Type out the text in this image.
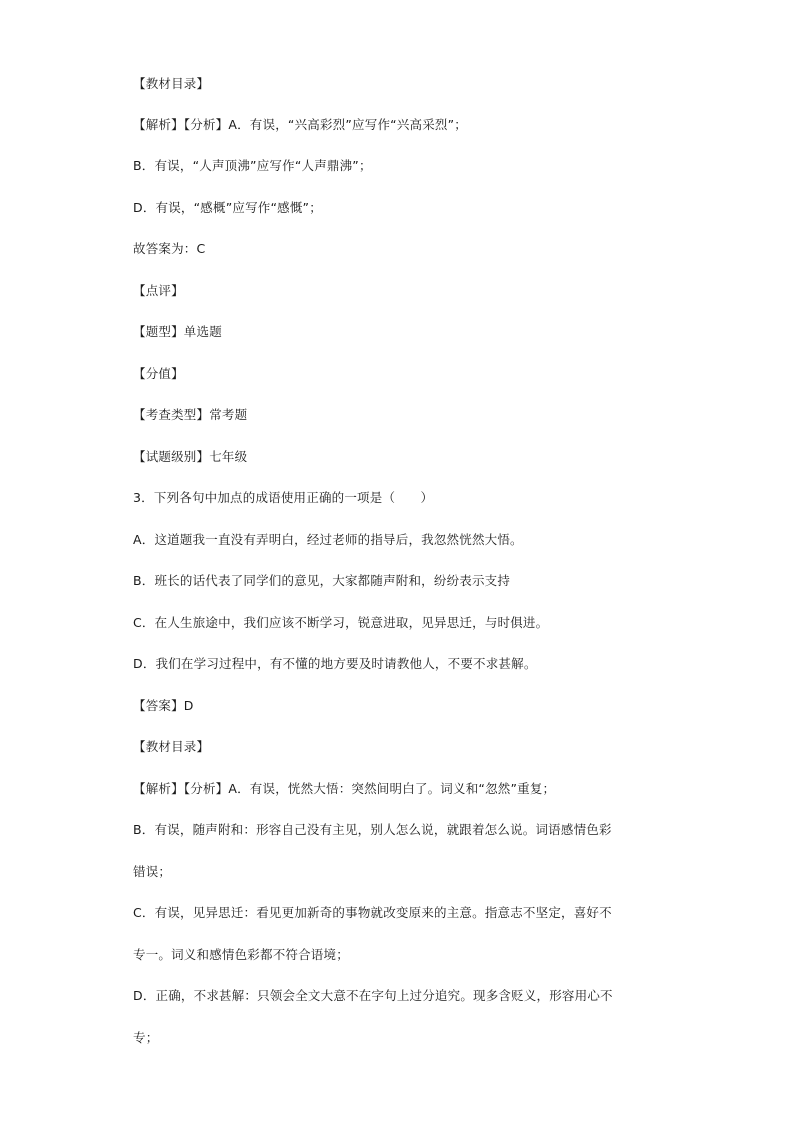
【教材目录】
【解析】【分析】A．有误，“兴高彩烈”应写作“兴高采烈”；
B．有误，“人声顶沸”应写作“人声鼎沸”；
D．有误，“感概”应写作“感慨”；
故答案为：C
【点评】
【题型】单选题
【分值】
【考查类型】常考题
【试题级别】七年级
3．下列各句中加点的成语使用正确的一项是（　　）
A．这道题我一直没有弄明白，经过老师的指导后，我忽然恍然大悟。
B．班长的话代表了同学们的意见，大家都随声附和，纷纷表示支持
C．在人生旅途中，我们应该不断学习，锐意进取，见异思迁，与时俱进。
D．我们在学习过程中，有不懂的地方要及时请教他人，不要不求甚解。
【答案】D
【教材目录】
【解析】【分析】A．有误，恍然大悟：突然间明白了。词义和“忽然”重复；
B．有误，随声附和：形容自己没有主见，别人怎么说，就跟着怎么说。词语感情色彩
错误；
C．有误，见异思迁：看见更加新奇的事物就改变原来的主意。指意志不坚定，喜好不
专一。词义和感情色彩都不符合语境；
D．正确，不求甚解：只领会全文大意不在字句上过分追究。现多含贬义，形容用心不
专；
